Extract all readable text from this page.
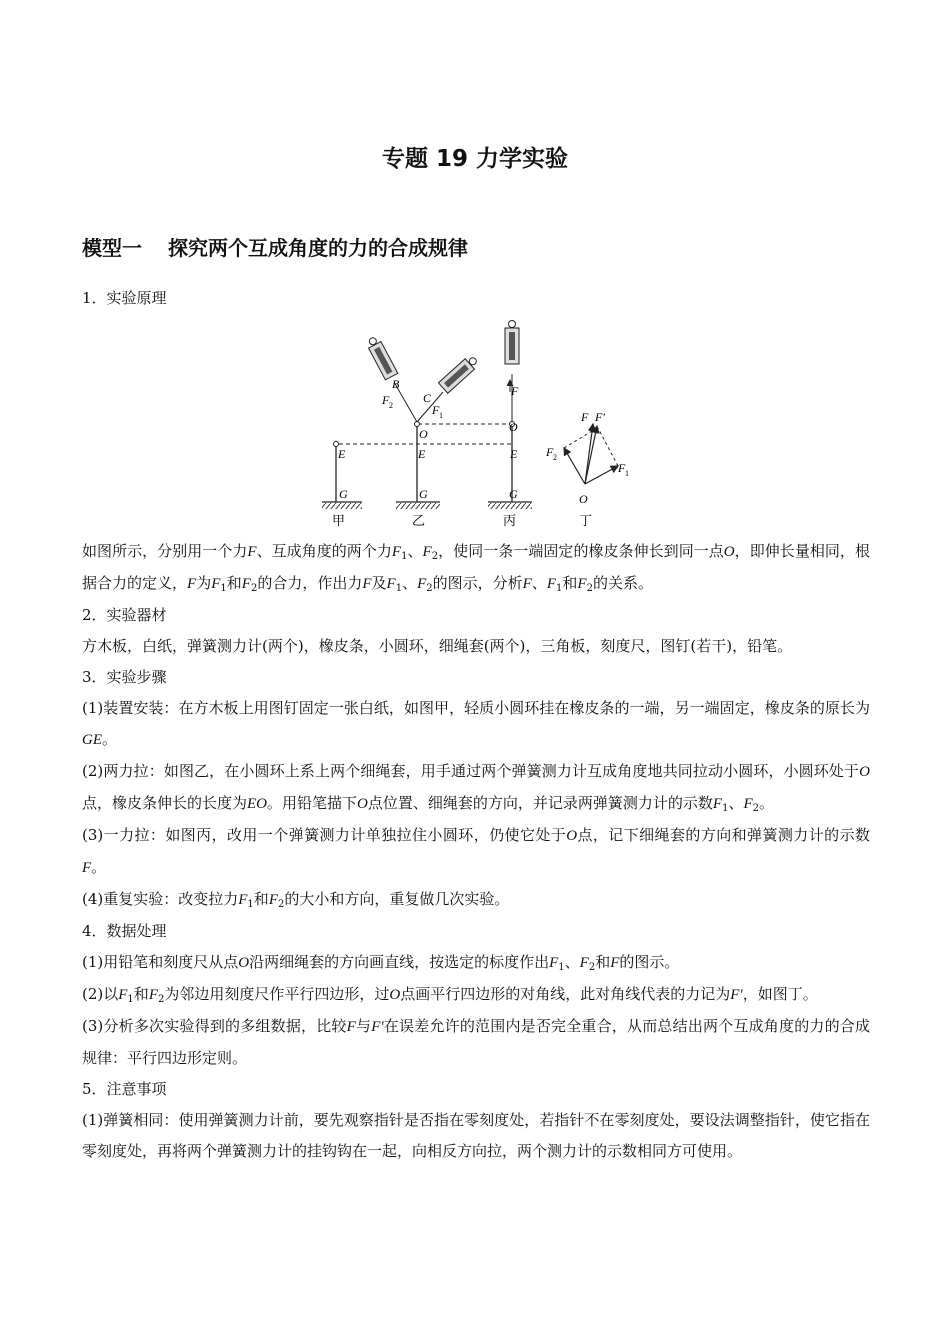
专题 19 力学实验
模型一 探究两个互成角度的力的合成规律
1．实验原理
B
C
O	O
O
E	E	E
G	G	G
F 2	F 1
F
F F′
F 2
F 1
甲	乙	丙	丁

如图所示，分别用一个力F、互成角度的两个力$F_1$、$F_2$，使同一条一端固定的橡皮条伸长到同一点O，即伸长量相同，根据合力的定义，F为$F_1$和$F_2$的合力，作出力F及$F_1$、$F_2$的图示，分析F、$F_1$和$F_2$的关系。

2．实验器材

方木板，白纸，弹簧测力计(两个)，橡皮条，小圆环，细绳套(两个)，三角板，刻度尺，图钉(若干)，铅笔。

3．实验步骤

(1)装置安装：在方木板上用图钉固定一张白纸，如图甲，轻质小圆环挂在橡皮条的一端，另一端固定，橡皮条的原长为GE。

(2)两力拉：如图乙，在小圆环上系上两个细绳套，用手通过两个弹簧测力计互成角度地共同拉动小圆环，小圆环处于O点，橡皮条伸长的长度为EO。用铅笔描下O点位置、细绳套的方向，并记录两弹簧测力计的示数$F_1$、$F_2$。

(3)一力拉：如图丙，改用一个弹簧测力计单独拉住小圆环，仍使它处于O点，记下细绳套的方向和弹簧测力计的示数F。

(4)重复实验：改变拉力$F_1$和$F_2$的大小和方向，重复做几次实验。

4．数据处理

(1)用铅笔和刻度尺从点O沿两细绳套的方向画直线，按选定的标度作出$F_1$、$F_2$和F的图示。

(2)以$F_1$和$F_2$为邻边用刻度尺作平行四边形，过O点画平行四边形的对角线，此对角线代表的力记为F′，如图丁。

(3)分析多次实验得到的多组数据，比较F与F′在误差允许的范围内是否完全重合，从而总结出两个互成角度的力的合成规律：平行四边形定则。

5．注意事项

(1)弹簧相同：使用弹簧测力计前，要先观察指针是否指在零刻度处，若指针不在零刻度处，要设法调整指针，使它指在零刻度处，再将两个弹簧测力计的挂钩钩在一起，向相反方向拉，两个测力计的示数相同方可使用。
